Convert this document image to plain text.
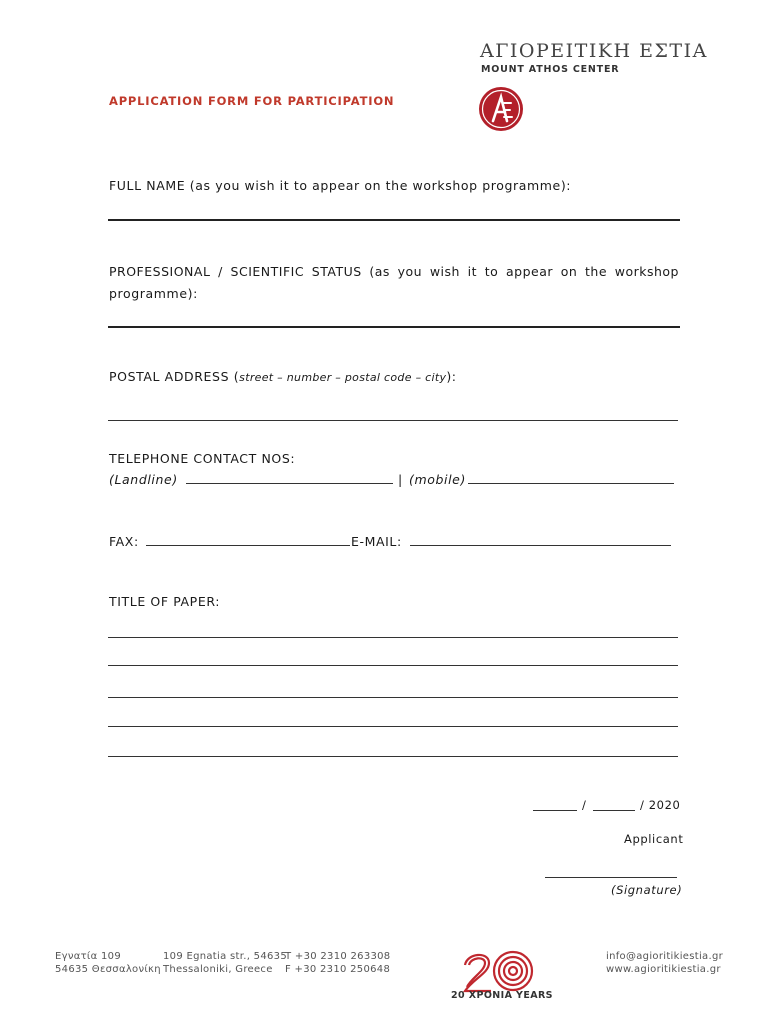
ΑΓΙΟΡΕΙΤΙΚΗ ΕΣΤΙΑ
MOUNT ATHOS CENTER
APPLICATION FORM FOR PARTICIPATION
FULL NAME (as you wish it to appear on the workshop programme):
PROFESSIONAL / SCIENTIFIC STATUS (as you wish it to appear on the workshop
programme):
POSTAL ADDRESS (street – number – postal code – city):
TELEPHONE CONTACT NOS:
(Landline)	| (mobile)
FAX:	E-MAIL:
TITLE OF PAPER:
/	/ 2020
Applicant
(Signature)
Εγνατία 109
54635 Θεσσαλονίκη
109 Egnatia str., 54635
Thessaloniki, Greece
T +30 2310 263308
F +30 2310 250648
20 ΧΡΟΝΙΑ YEARS
info@agioritikiestia.gr
www.agioritikiestia.gr
